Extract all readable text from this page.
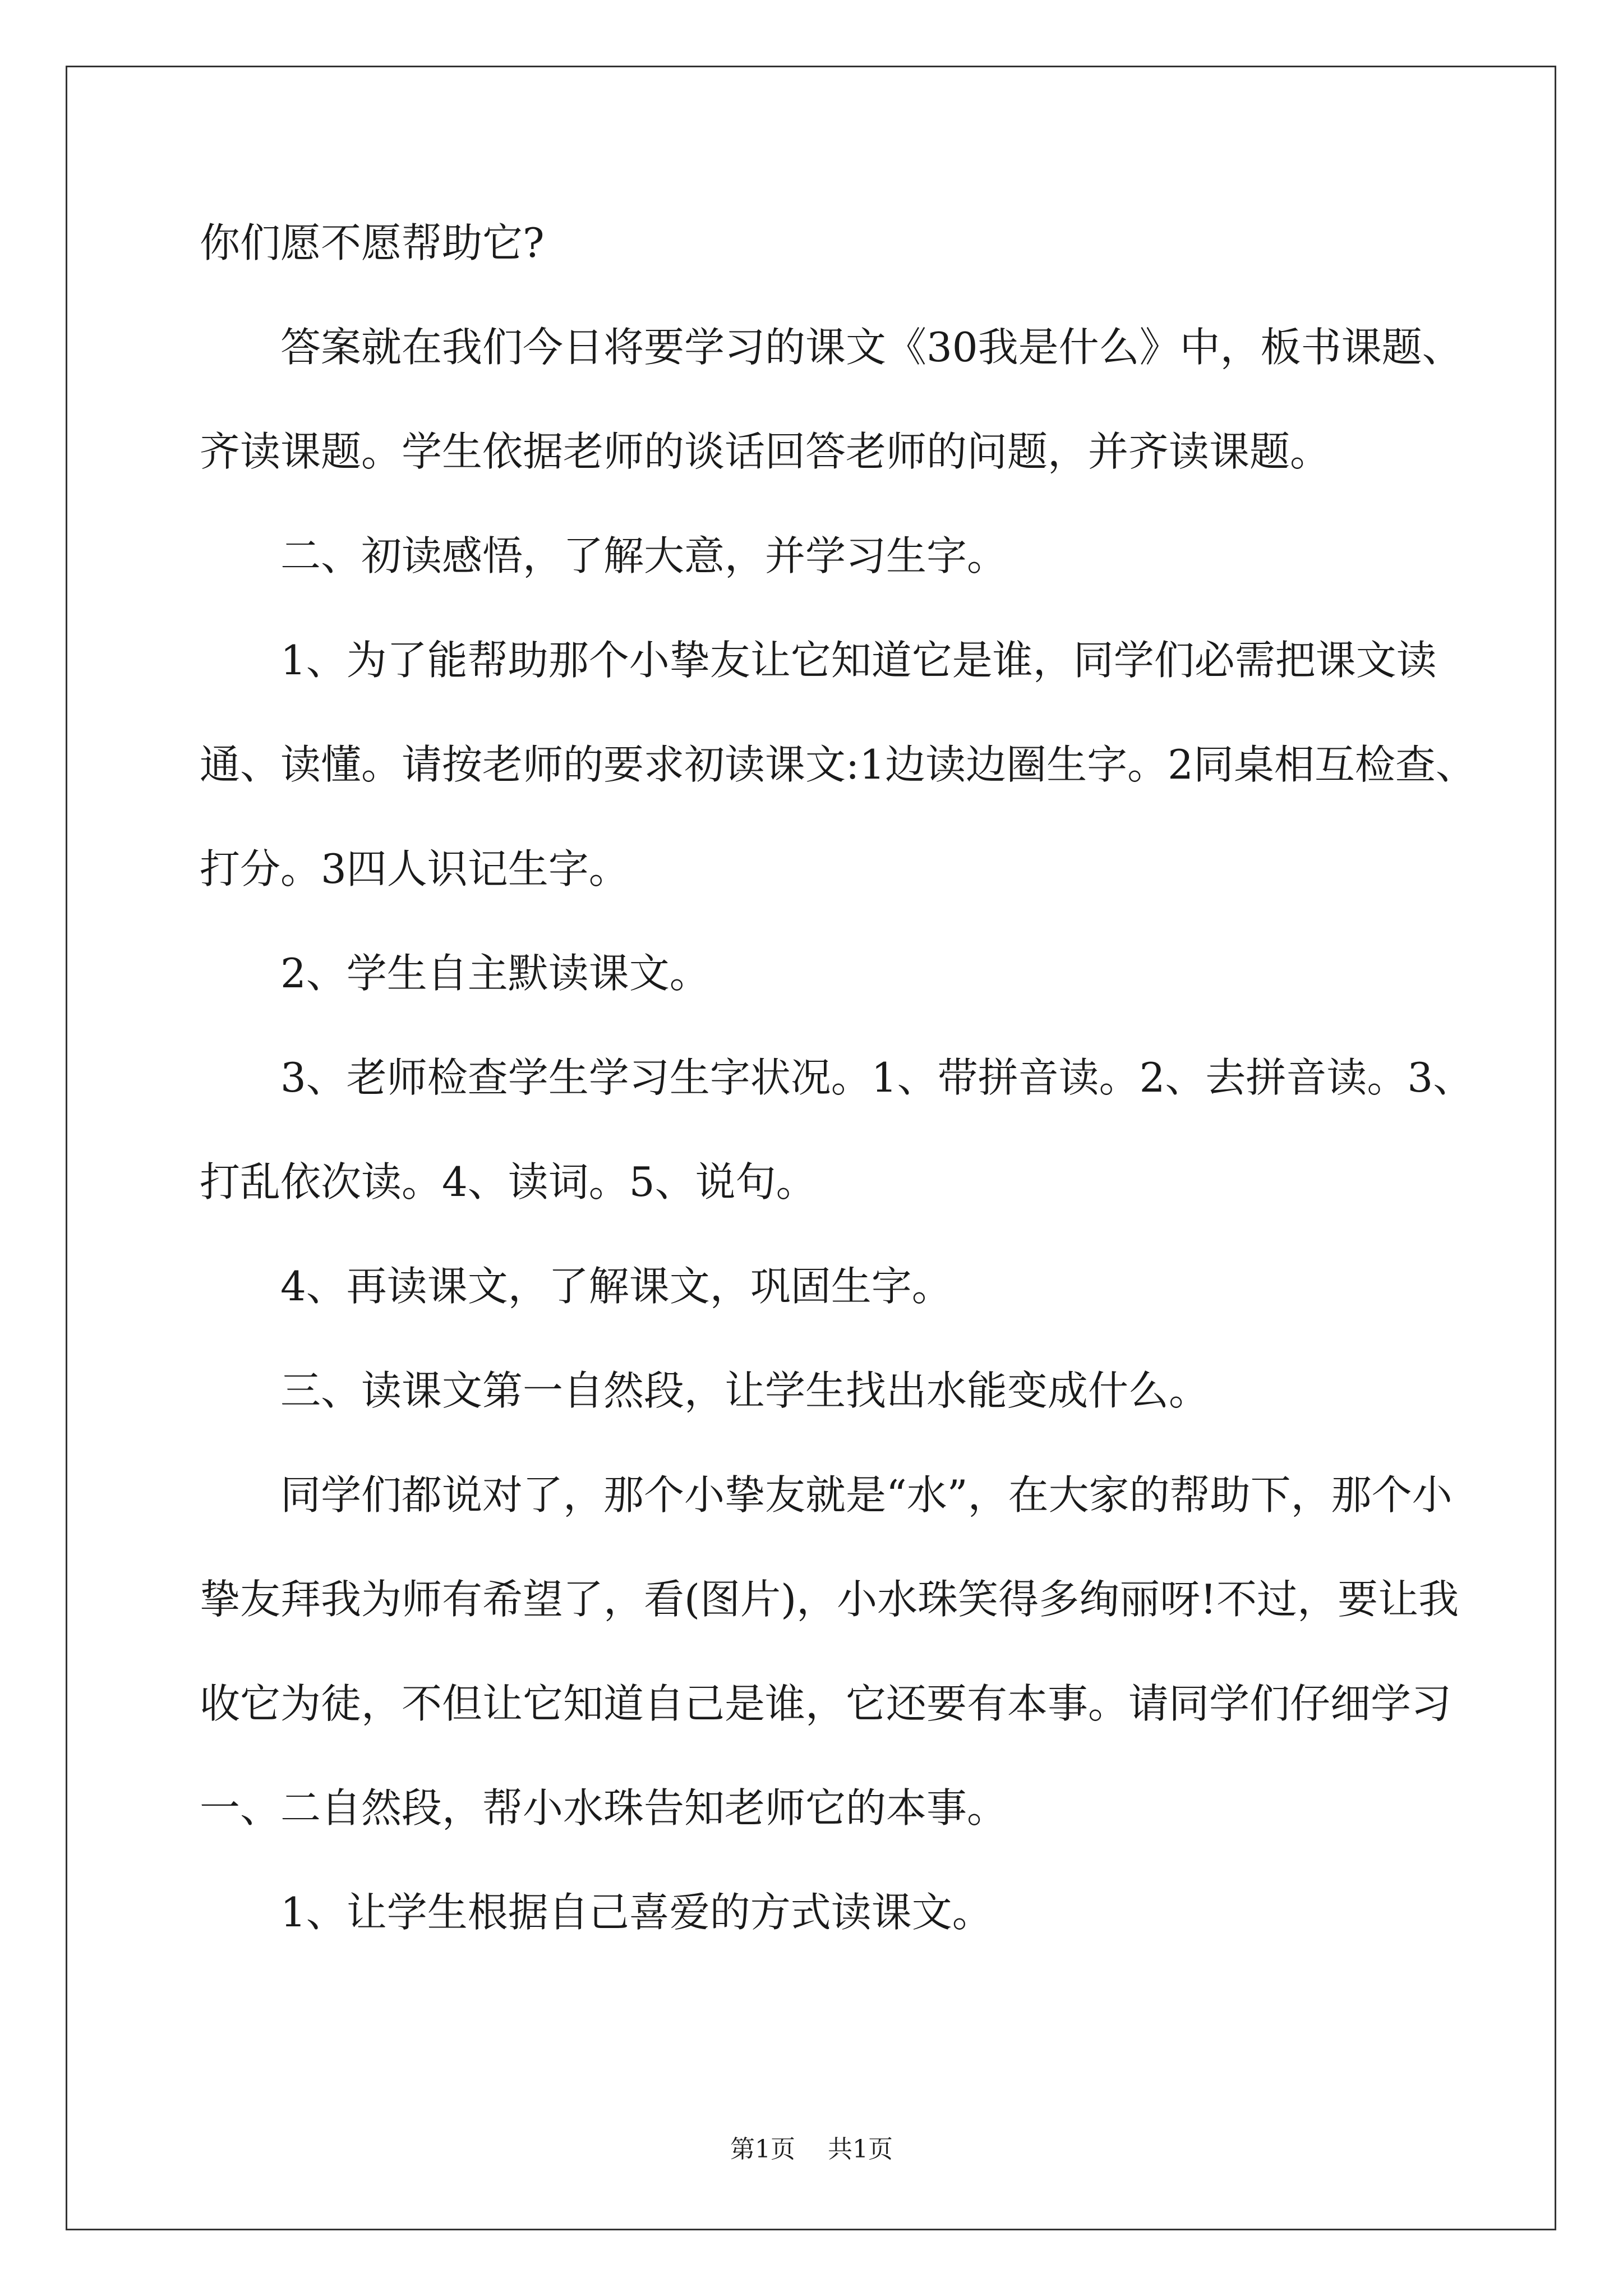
你们愿不愿帮助它?

答案就在我们今日将要学习的课文《30我是什么》中，板书课题、齐读课题。学生依据老师的谈话回答老师的问题，并齐读课题。

二、初读感悟，了解大意，并学习生字。

1、为了能帮助那个小挚友让它知道它是谁，同学们必需把课文读通、读懂。请按老师的要求初读课文:1边读边圈生字。2同桌相互检查、打分。3四人识记生字。

2、学生自主默读课文。

3、老师检查学生学习生字状况。1、带拼音读。2、去拼音读。3、打乱依次读。4、读词。5、说句。

4、再读课文，了解课文，巩固生字。

三、读课文第一自然段，让学生找出水能变成什么。

同学们都说对了，那个小挚友就是“水”，在大家的帮助下，那个小挚友拜我为师有希望了，看(图片)，小水珠笑得多绚丽呀!不过，要让我收它为徒，不但让它知道自己是谁，它还要有本事。请同学们仔细学习一、二自然段，帮小水珠告知老师它的本事。

1、让学生根据自己喜爱的方式读课文。

第1页 共1页
